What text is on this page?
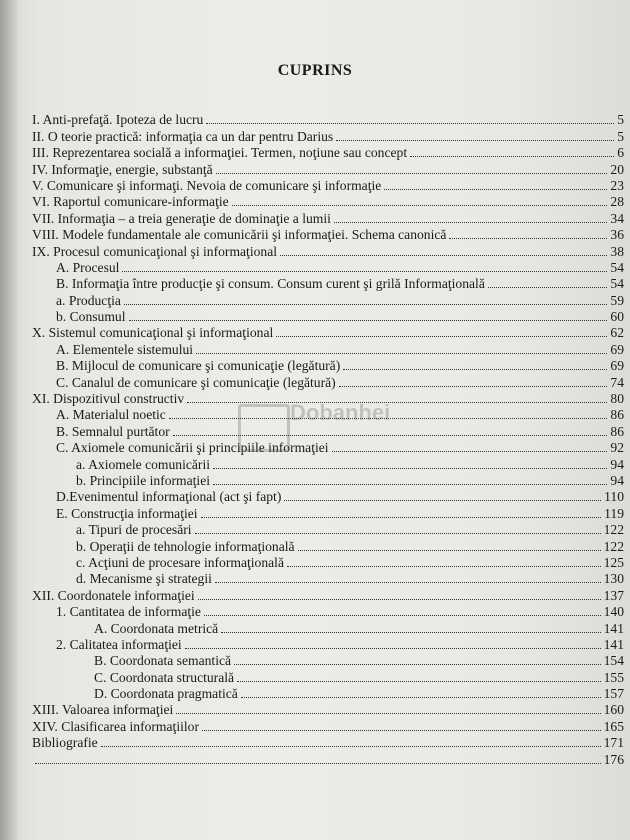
CUPRINS
I. Anti-prefaţă. Ipoteza de lucru	5
II. O teorie practică: informaţia ca un dar pentru Darius	5
III. Reprezentarea socială a informaţiei. Termen, noţiune sau concept	6
IV. Informaţie, energie, substanţă	20
V. Comunicare şi informaţi. Nevoia de comunicare şi informaţie	23
VI. Raportul comunicare-informaţie	28
VII. Informaţia – a treia generaţie de dominaţie a lumii	34
VIII. Modele fundamentale ale comunicării şi informaţiei. Schema canonică	36
IX. Procesul comunicaţional şi informaţional	38
A. Procesul	54
B. Informaţia între producţie şi consum. Consum curent şi grilă Informaţională	54
a. Producţia	59
b. Consumul	60
X. Sistemul comunicaţional şi informaţional	62
A. Elementele sistemului	69
B. Mijlocul de comunicare şi comunicaţie (legătură)	69
C. Canalul de comunicare şi comunicaţie (legătură)	74
XI. Dispozitivul constructiv	80
A. Materialul noetic	86
B. Semnalul purtător	86
C. Axiomele comunicării şi principiile informaţiei	92
a. Axiomele comunicării	94
b. Principiile informaţiei	94
D.Evenimentul informaţional (act şi fapt)	110
E. Construcţia informaţiei	119
a. Tipuri de procesări	122
b. Operaţii de tehnologie informaţională	122
c. Acţiuni de procesare informaţională	125
d. Mecanisme şi strategii	130
XII. Coordonatele informaţiei	137
1. Cantitatea de informaţie	140
A. Coordonata metrică	141
2. Calitatea informaţiei	141
B. Coordonata semantică	154
C. Coordonata structurală	155
D. Coordonata pragmatică	157
XIII. Valoarea informaţiei	160
XIV. Clasificarea informaţiilor	165
Bibliografie	171
176
Dobanhei
